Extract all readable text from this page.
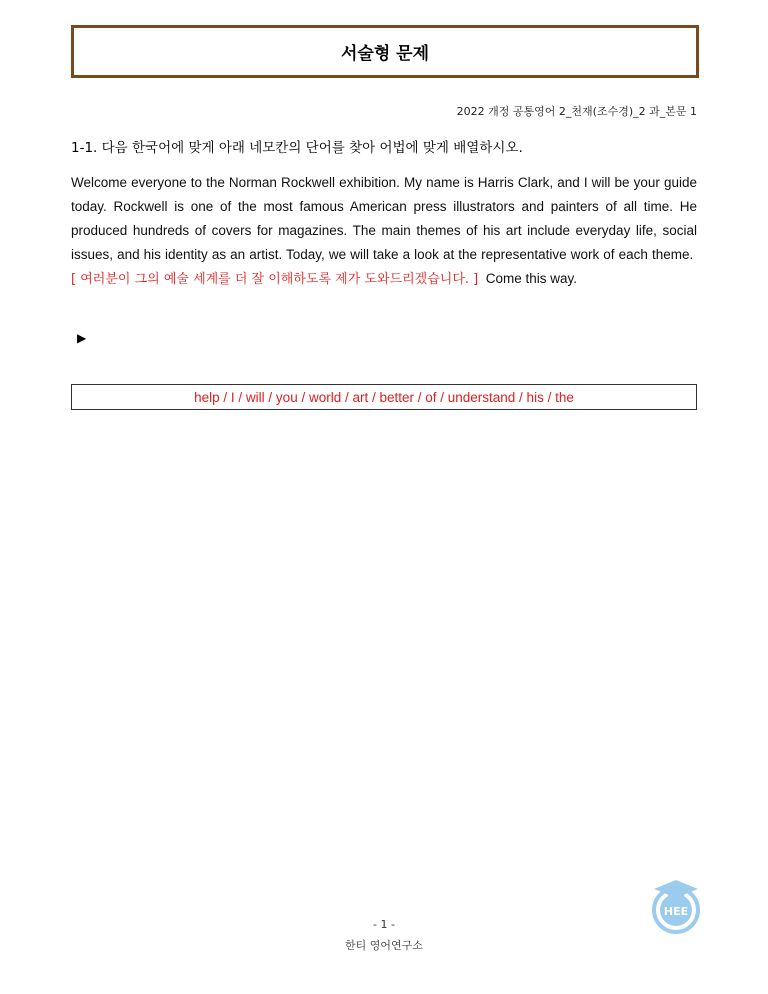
서술형 문제
2022 개정 공통영어 2_천재(조수경)_2 과_본문 1
1-1. 다음 한국어에 맞게 아래 네모칸의 단어를 찾아 어법에 맞게 배열하시오.
Welcome everyone to the Norman Rockwell exhibition. My name is Harris Clark, and I will be your guide today. Rockwell is one of the most famous American press illustrators and painters of all time. He produced hundreds of covers for magazines. The main themes of his art include everyday life, social issues, and his identity as an artist. Today, we will take a look at the representative work of each theme.  [ 여러분이 그의 예술 세계를 더 잘 이해하도록 제가 도와드리겠습니다. ] Come this way.
▶
help / I / will / you / world / art / better / of / understand / his / the
- 1 -
한티 영어연구소
HEE
